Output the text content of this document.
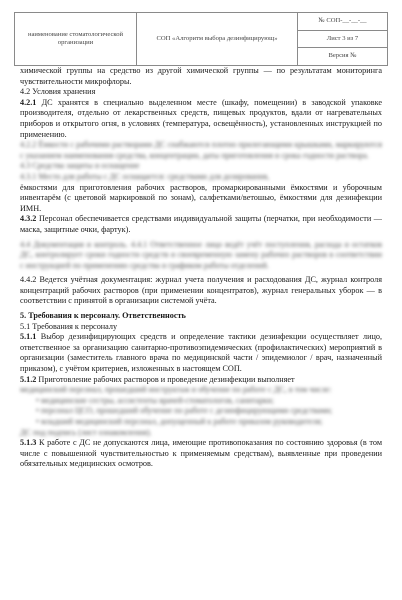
наименование стоматологической организации
СОП «Алгоритм выбора дезинфицирующ»
№ СОП-__-__-__
Лист 3 из 7
Версия №

химической группы на средство из другой химической группы — по результатам мониторинга чувствительности микрофлоры.

4.2 Условия хранения

4.2.1 ДС хранятся в специально выделенном месте (шкафу, помещении) в заводской упаковке производителя, отдельно от лекарственных средств, пищевых продуктов, вдали от нагревательных приборов и открытого огня, в условиях (температура, освещённость), установленных инструкцией по применению.

4.2.2 Ёмкости с рабочими растворами ДС снабжаются плотно прилегающими крышками, маркируются с указанием наименования средства, концентрации, даты приготовления и срока годности раствора.

4.3 Средства защиты и оснащение

4.3.1 Место для работы с ДС оснащается: средствами для дозирования,

ёмкостями для приготовления рабочих растворов, промаркированными ёмкостями и уборочным инвентарём (с цветовой маркировкой по зонам), салфетками/ветошью, ёмкостями для дезинфекции ИМН.

4.3.2 Персонал обеспечивается средствами индивидуальной защиты (перчатки, при необходимости — маска, защитные очки, фартук).

4.4 Документация и контроль. 4.4.1 Ответственное лицо ведёт учёт поступления, расхода и остатков ДС, контролирует сроки годности средств и своевременную замену рабочих растворов в соответствии с инструкцией по применению средства и графиком работы отделений.

4.4.2 Ведется учётная документация: журнал учета получения и расходования ДС, журнал контроля концентраций рабочих растворов (при применении концентратов), журнал генеральных уборок — в соответствии с принятой в организации системой учёта.

5. Требования к персоналу. Ответственность

5.1 Требования к персоналу

5.1.1 Выбор дезинфицирующих средств и определение тактики дезинфекции осуществляет лицо, ответственное за организацию санитарно-противоэпидемических (профилактических) мероприятий в организации (заместитель главного врача по медицинской части / эпидемиолог / врач, назначенный приказом), с учётом критериев, изложенных в настоящем СОП.

5.1.2 Приготовление рабочих растворов и проведение дезинфекции выполняет

медицинский персонал, прошедший инструктаж и обучение по работе с ДС, в том числе:

• медицинские сестры, ассистенты врачей-стоматологов, санитарки;

• персонал ЦСО, прошедший обучение по работе с дезинфицирующими средствами;

• младший медицинский персонал, допущенный к работе приказом руководителя;

ДС под подпись (лист ознакомления).

5.1.3 К работе с ДС не допускаются лица, имеющие противопоказания по состоянию здоровья (в том числе с повышенной чувствительностью к применяемым средствам), выявленные при проведении обязательных медицинских осмотров.
